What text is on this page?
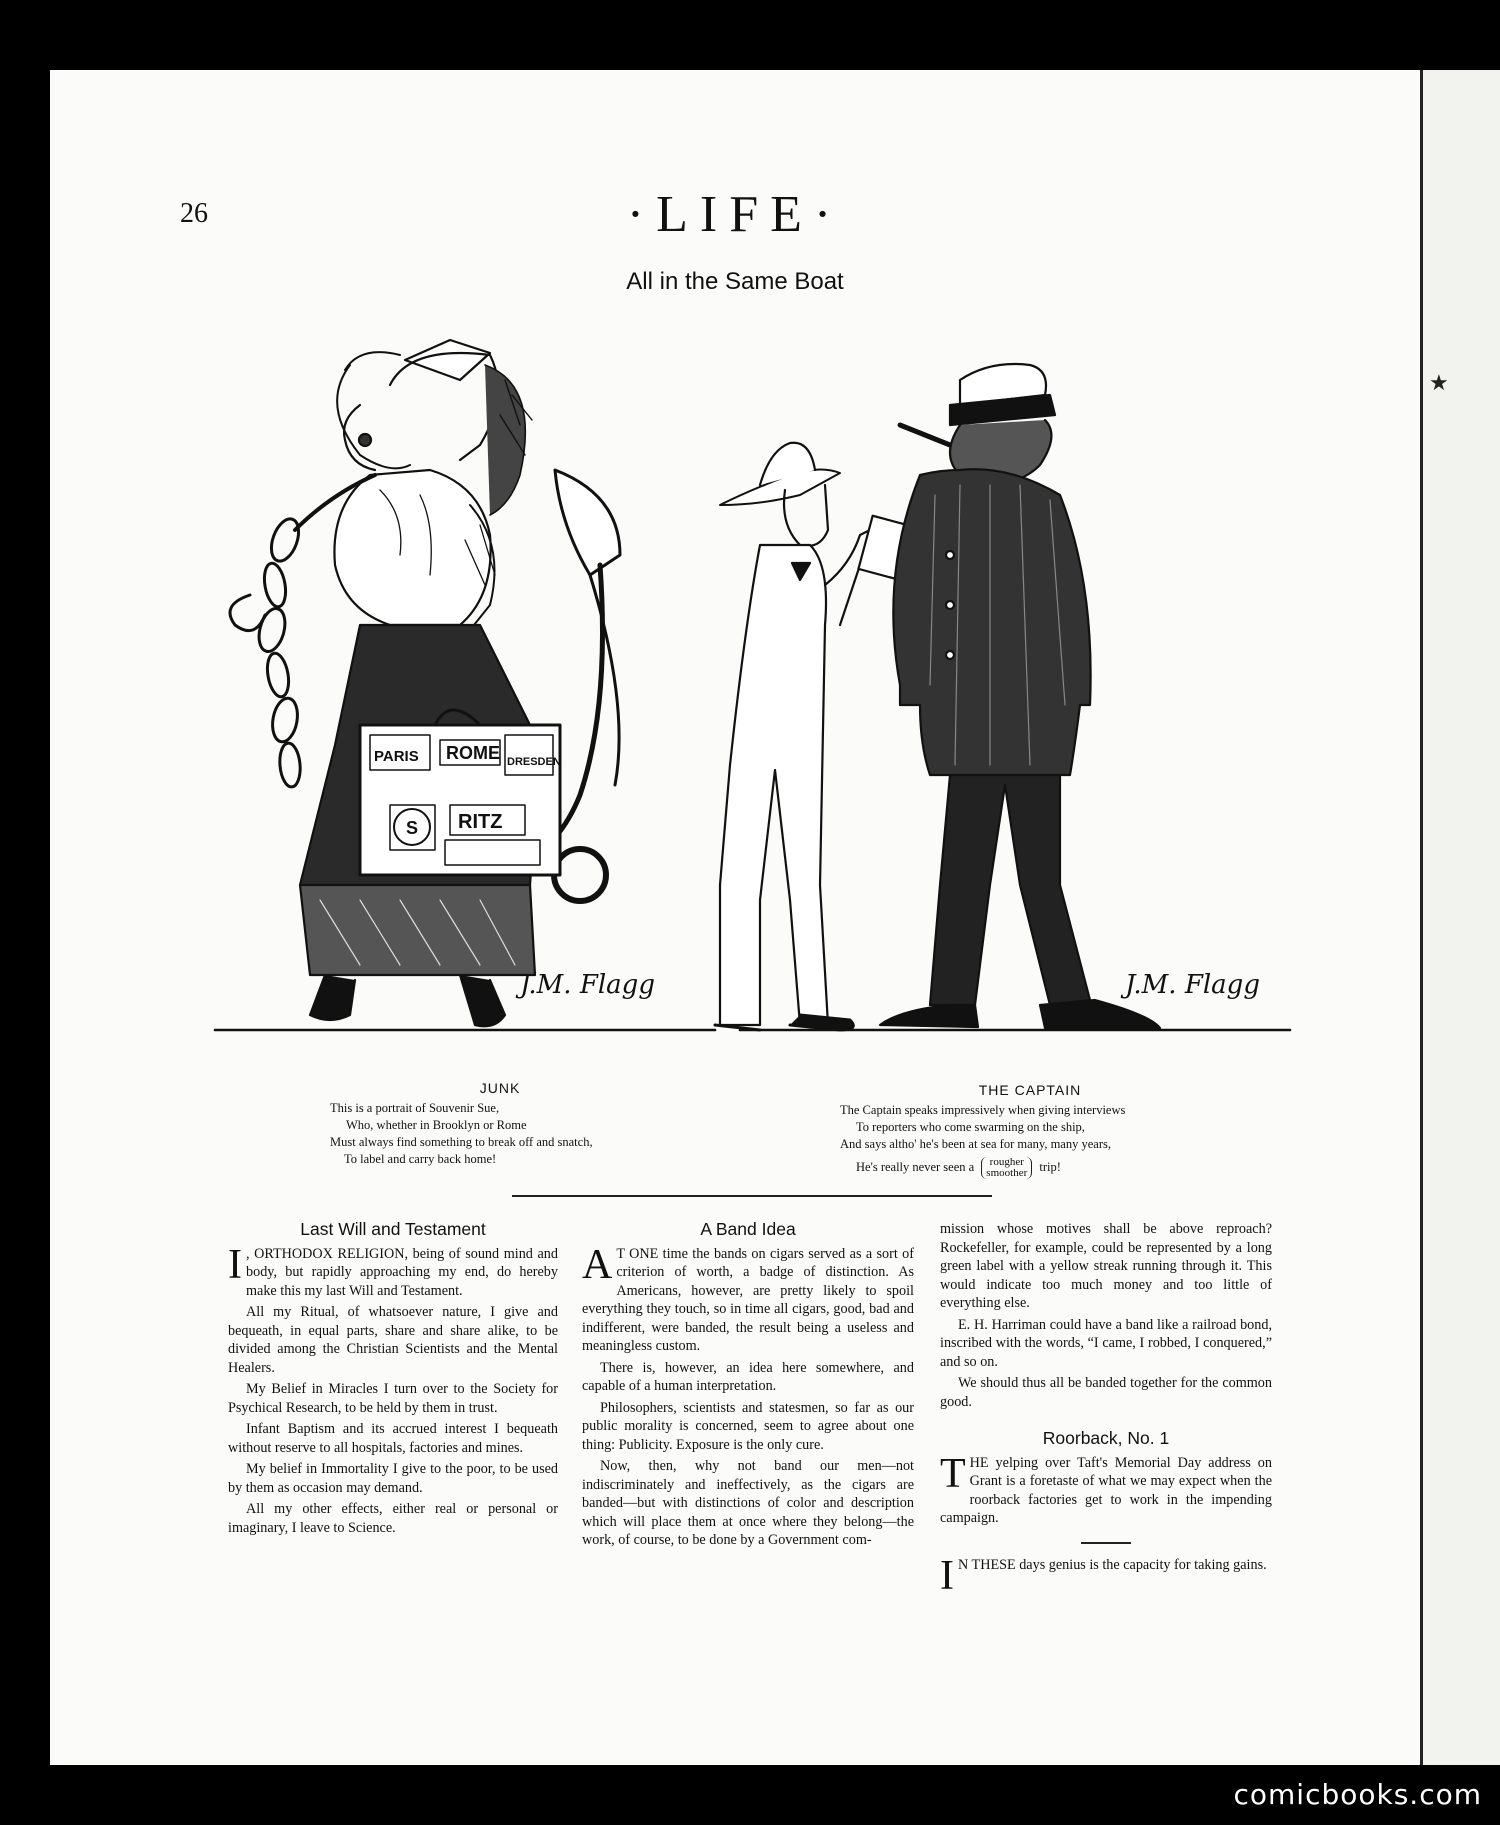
26	·LIFE·
All in the Same Boat
ROME
PARIS	DRESDEN
RITZ
S
J.M. Flagg	J.M. Flagg
JUNK
This is a portrait of Souvenir Sue,
Who, whether in Brooklyn or Rome
Must always find something to break off and snatch,
To label and carry back home!
THE CAPTAIN
The Captain speaks impressively when giving interviews
To reporters who come swarming on the ship,
And says altho' he's been at sea for many, many years,
He's really never seen a	rougher
smoother trip!
Last Will and Testament

I , ORTHODOX RELIGION, being of sound mind and body, but rapidly approaching my end, do hereby make this my last Will and Testament.

All my Ritual, of whatsoever nature, I give and bequeath, in equal parts, share and share alike, to be divided among the Christian Scientists and the Mental Healers.

My Belief in Miracles I turn over to the Society for Psychical Research, to be held by them in trust.

Infant Baptism and its accrued interest I bequeath without reserve to all hospitals, factories and mines.

My belief in Immortality I give to the poor, to be used by them as occasion may demand.

All my other effects, either real or personal or imaginary, I leave to Science.

A Band Idea

A T ONE time the bands on cigars served as a sort of criterion of worth, a badge of distinction. As Americans, however, are pretty likely to spoil everything they touch, so in time all cigars, good, bad and indifferent, were banded, the result being a useless and meaningless custom.

There is, however, an idea here somewhere, and capable of a human interpretation.

Philosophers, scientists and statesmen, so far as our public morality is concerned, seem to agree about one thing: Publicity. Exposure is the only cure.

Now, then, why not band our men—not indiscriminately and ineffectively, as the cigars are banded—but with distinctions of color and description which will place them at once where they belong—the work, of course, to be done by a Government com-

mission whose motives shall be above reproach? Rockefeller, for example, could be represented by a long green label with a yellow streak running through it. This would indicate too much money and too little of everything else.

E. H. Harriman could have a band like a railroad bond, inscribed with the words, “I came, I robbed, I conquered,” and so on.

We should thus all be banded together for the common good.

Roorback, No. 1

THE yelping over Taft's Memorial Day address on Grant is a foretaste of what we may expect when the roorback factories get to work in the impending campaign.

I N THESE days genius is the capacity for taking gains.

★
comicbooks.com
